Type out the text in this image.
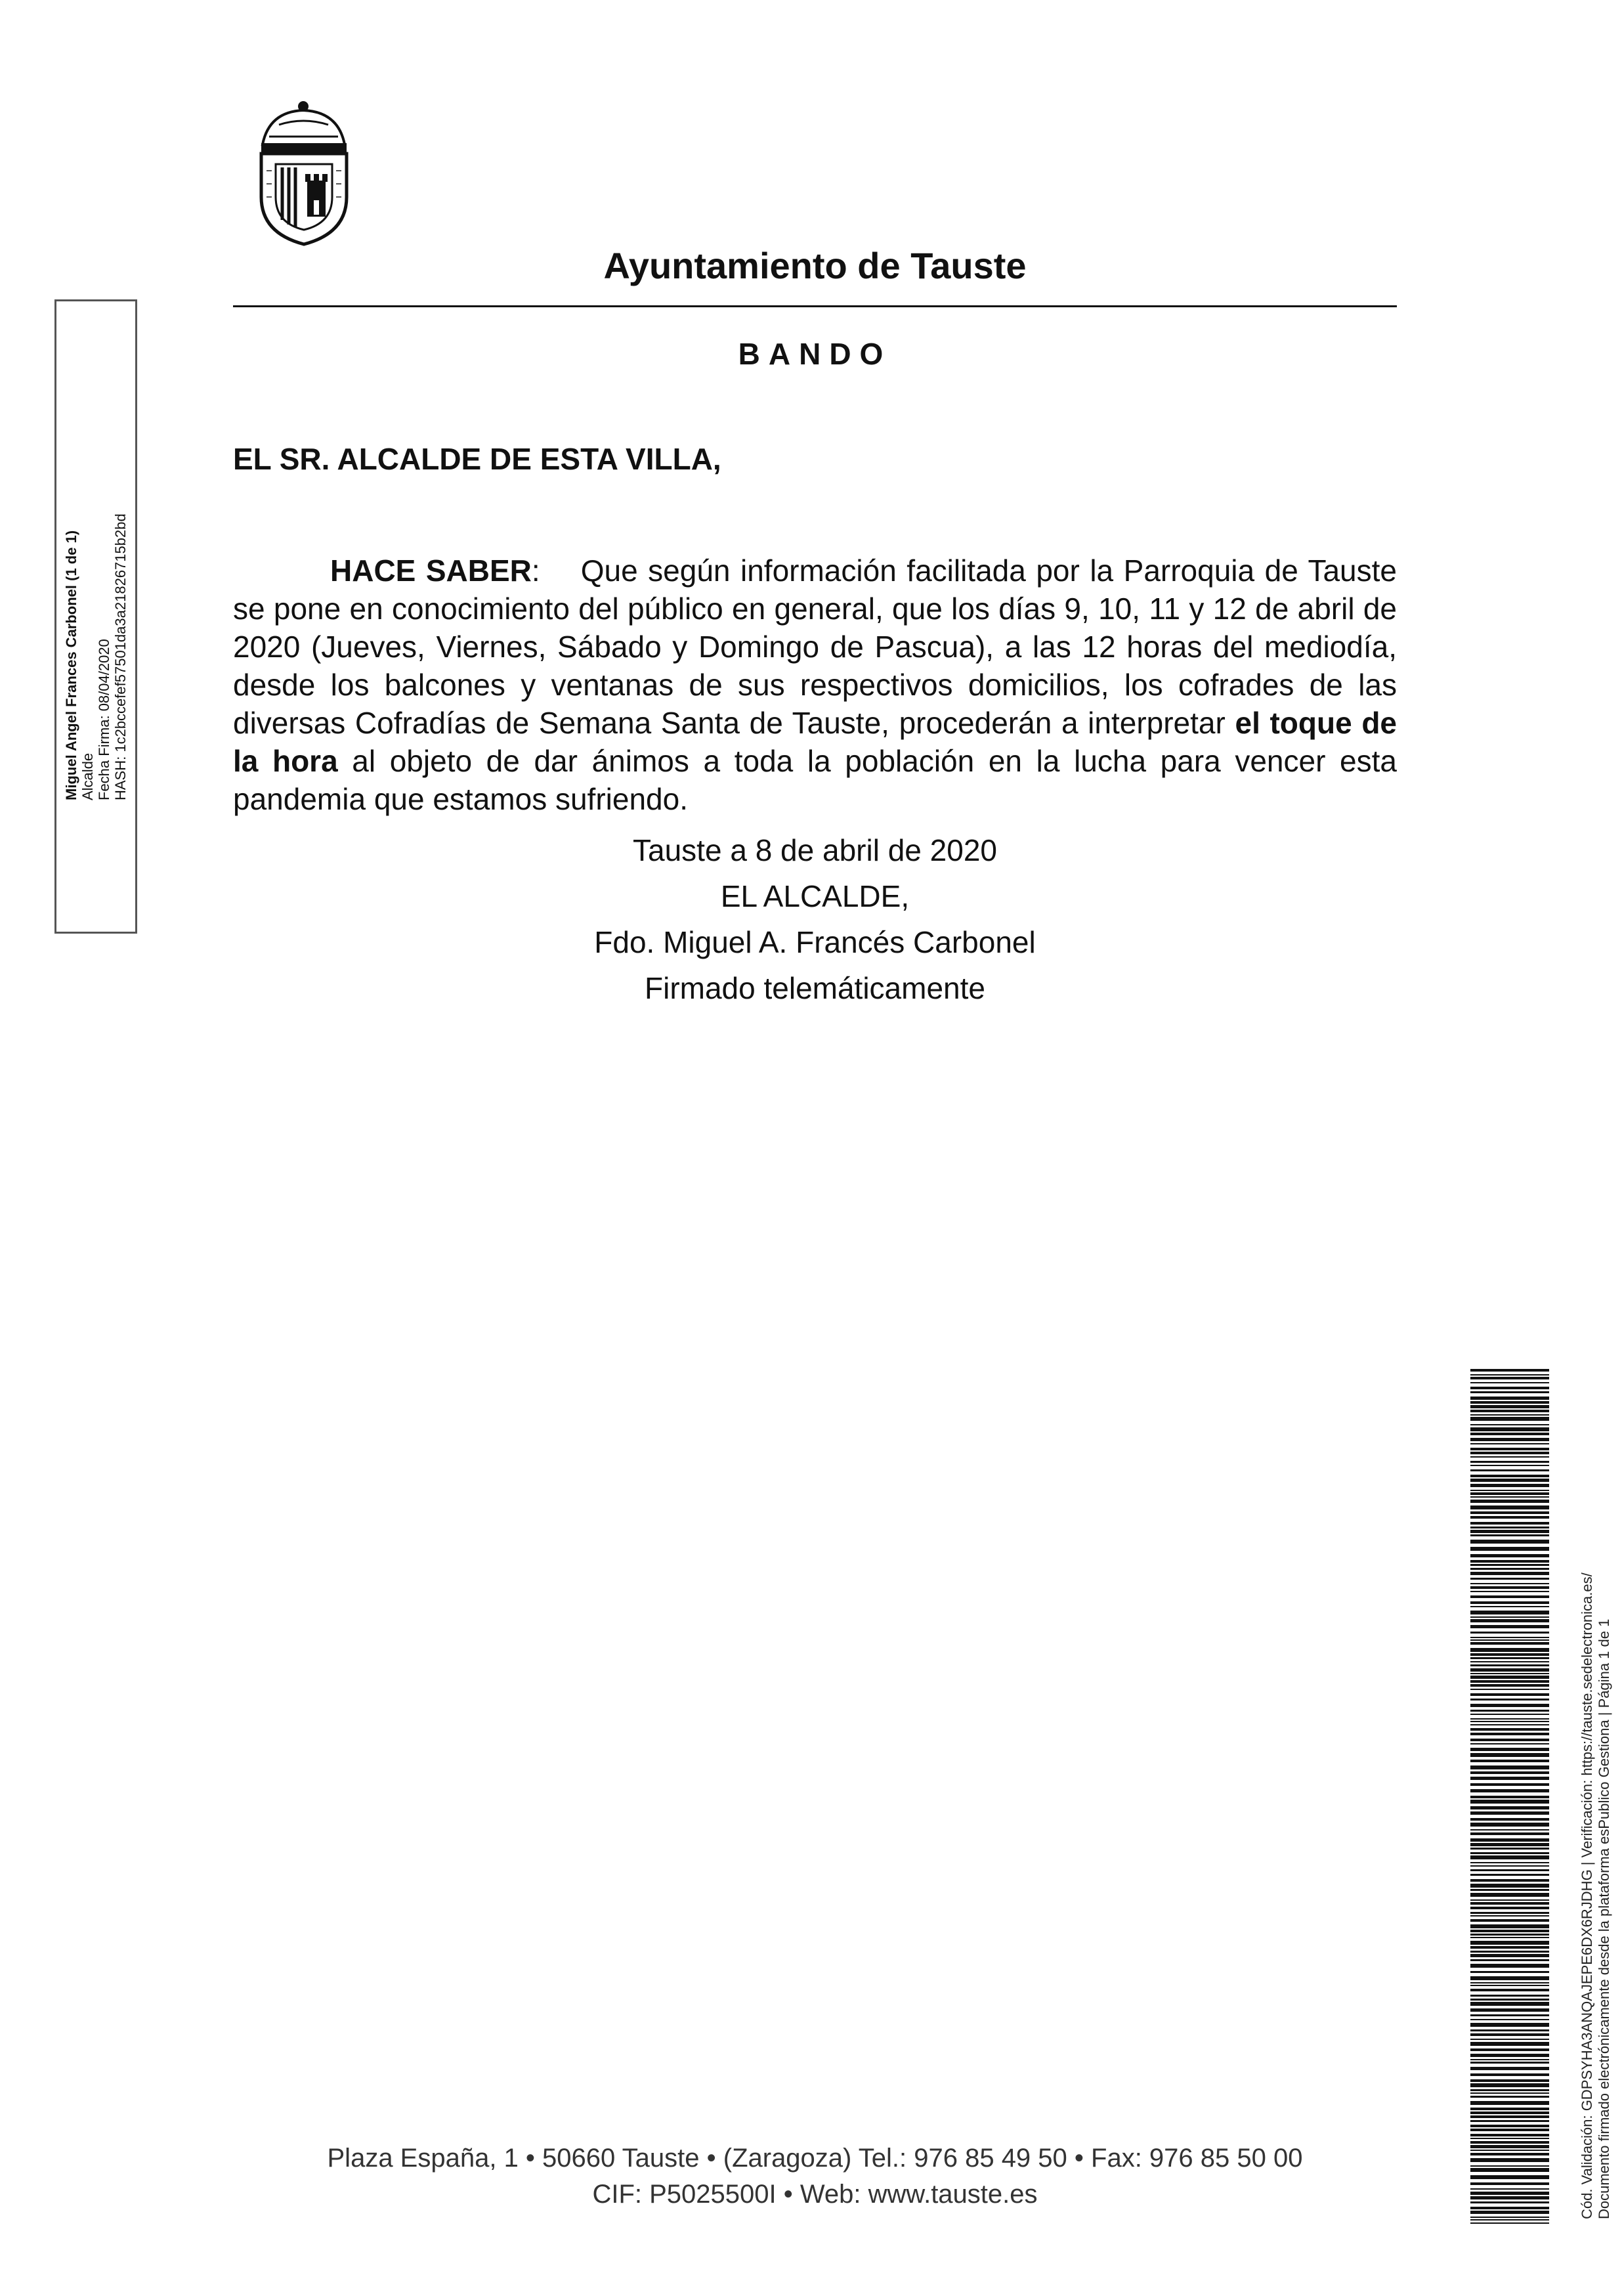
Ayuntamiento de Tauste
BANDO
EL SR. ALCALDE DE ESTA VILLA,

HACE SABER:    Que según información facilitada por la Parroquia de Tauste se pone en conocimiento del público en general, que los días 9, 10, 11 y 12 de abril de 2020 (Jueves, Viernes, Sábado y Domingo de Pascua), a las 12 horas del mediodía, desde los balcones y ventanas de sus respectivos domicilios, los cofrades de las diversas Cofradías de Semana Santa de Tauste, procederán a interpretar el toque de la hora al objeto de dar ánimos a toda la población en la lucha para vencer esta pandemia que estamos sufriendo.

Tauste a 8 de abril de 2020
EL ALCALDE,
Fdo. Miguel A. Francés Carbonel
Firmado telemáticamente
Miguel Angel Frances Carbonel (1 de 1) Alcalde Fecha Firma: 08/04/2020 HASH: 1c2bccefef57501da3a21826715b2bd
Cód. Validación: GDPSYHA3ANQAJEPE6DX6RJDHG | Verificación: https://tauste.sedelectronica.es/ Documento firmado electrónicamente desde la plataforma esPublico Gestiona | Página 1 de 1
Plaza España, 1 • 50660 Tauste • (Zaragoza) Tel.: 976 85 49 50 • Fax: 976 85 50 00
CIF: P5025500I • Web: www.tauste.es
